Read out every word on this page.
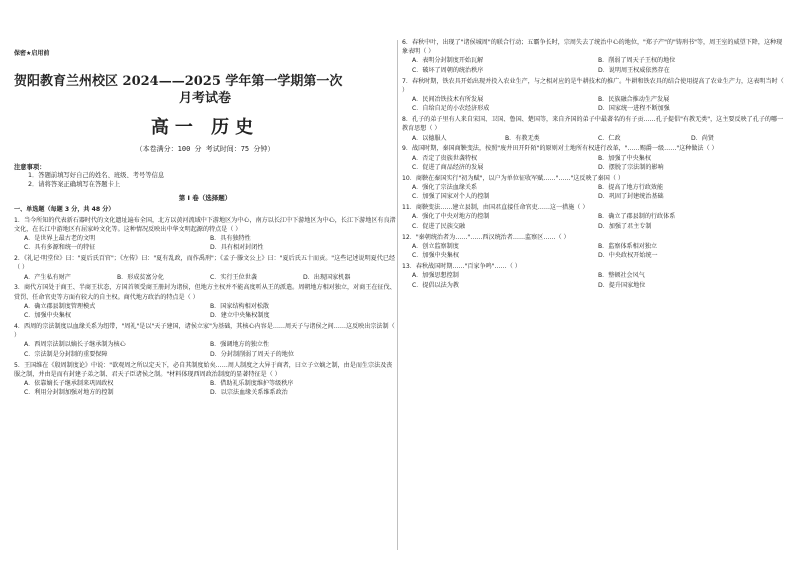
保密★启用前
贺阳教育兰州校区 2024——2025 学年第一学期第一次
月考试卷
高一 历史
（本卷满分：100 分 考试时间：75 分钟）
注意事项：
1．答题前填写好自己的姓名、班级、考号等信息
2．请将答案正确填写在答题卡上
第 I 卷（选择题）

一、单选题（每题 3 分，共 48 分）

1．当今所知的代表新石器时代的文化遗址遍布全国，北方以黄河流域中下游地区为中心，南方以长江中下游地区为中心，长江下游地区有良渚文化，在长江中游地区有屈家岭文化等。这种情况反映出中华文明起源的特点是（ ）

A．是世界上最古老的文明	B．具有独特性
C．具有多源和统一的特征	D．具有相对封闭性

2．《礼记·明堂位》曰："夏后氏百官"；《左传》曰："夏有乱政，而作禹刑"；《孟子·滕文公上》曰："夏后氏五十而贡。"这些记述说明夏代已经（ ）

A．产生私有财产	B．形成贫富分化	C．实行王位世袭	D．出现国家机器

3．商代方国处于商王、半商王状态，方国首领受商王册封为诸侯，但地方主权并不能高度听从王的派遣。周朝地方相对独立，对商王在征伐、赏罚、任命官吏等方面有较大的自主权。商代地方政治的特点是（ ）

A．确立郡县制度管理模式	B．国家结构相对松散
C．加强中央集权	D．建立中央集权制度

4．西周的宗法制度以血缘关系为纽带，"周礼"是以"天子建国，诸侯立家"为基础，其核心内容是……周天子与诸侯之间……这反映出宗法制（ ）

A．西周宗法制以嫡长子继承制为核心	B．强调地方的独立性
C．宗法制是分封制的重要保障	D．分封制削弱了周天子的地位

5．王国维在《殷周制度论》中说："欲观周之所以定天下，必自其制度始矣……周人制度之大异于商者，曰立子立嫡之制，由是而生宗法及丧服之制，并由是而有封建子弟之制、君天子臣诸侯之制。"材料体现西周政治制度的显著特征是（ ）

A．依靠嫡长子继承制来巩固政权	B．借助礼乐制度维护等级秩序
C．利用分封制加强对地方的控制	D．以宗法血缘关系维系政治

6．春秋中叶，出现了"诸侯城周"的联合行动；五霸争长时，宗周失去了统治中心的地位，"郑子产"的"铸刑书"等，周王室的威望下降，这种现象表明（ ）

A．表明分封制度开始瓦解	B．削弱了周天子王权的地位
C．破坏了周朝的统治秩序	D．说明周王权威依然存在

7．春秋时期，铁农具开始出现并投入农业生产，与之相对应的是牛耕技术的推广。牛耕和铁农具的结合使用提高了农业生产力，这表明当时（ ）

A．民间冶铁技术有所发展	B．民族融合推动生产发展
C．自给自足的小农经济形成	D．国家统一进程不断加强

8．孔子的弟子里有人来自宋国、卫国、鲁国、楚国等，来自齐国的弟子中最著名的有子贡……孔子提倡"有教无类"，这主要反映了孔子的哪一教育思想（ ）

A．以德服人	B．有教无类	C．仁政	D．尚贤

9．战国时期，秦国商鞅变法，按照"废井田开阡陌"的原则对土地所有权进行改革，"……赐爵一级……"这种做法（ ）

A．否定了贵族世袭特权	B．加强了中央集权
C．促进了商品经济的发展	D．摆脱了宗法制的影响

10．商鞅在秦国实行"初为赋"，以户为单位征收军赋……"……"这反映了秦国（ ）

A．强化了宗法血缘关系	B．提高了地方行政效能
C．加强了国家对个人的控制	D．巩固了封建统治基础

11．商鞅变法……建立县制，由国君直接任命官吏……这一措施（ ）

A．强化了中央对地方的控制	B．确立了郡县制的行政体系
C．促进了民族交融	D．加强了君主专制

12．"秦朝统治者为……"……西汉统治者……监察区……（ ）

A．创立监察制度	B．监察体系相对独立
C．加强中央集权	D．中央政权开始统一

13．春秋战国时期……"百家争鸣"……（ ）

A．加强思想控制	B．整顿社会风气
C．提倡以法为教	D．提升国家地位
